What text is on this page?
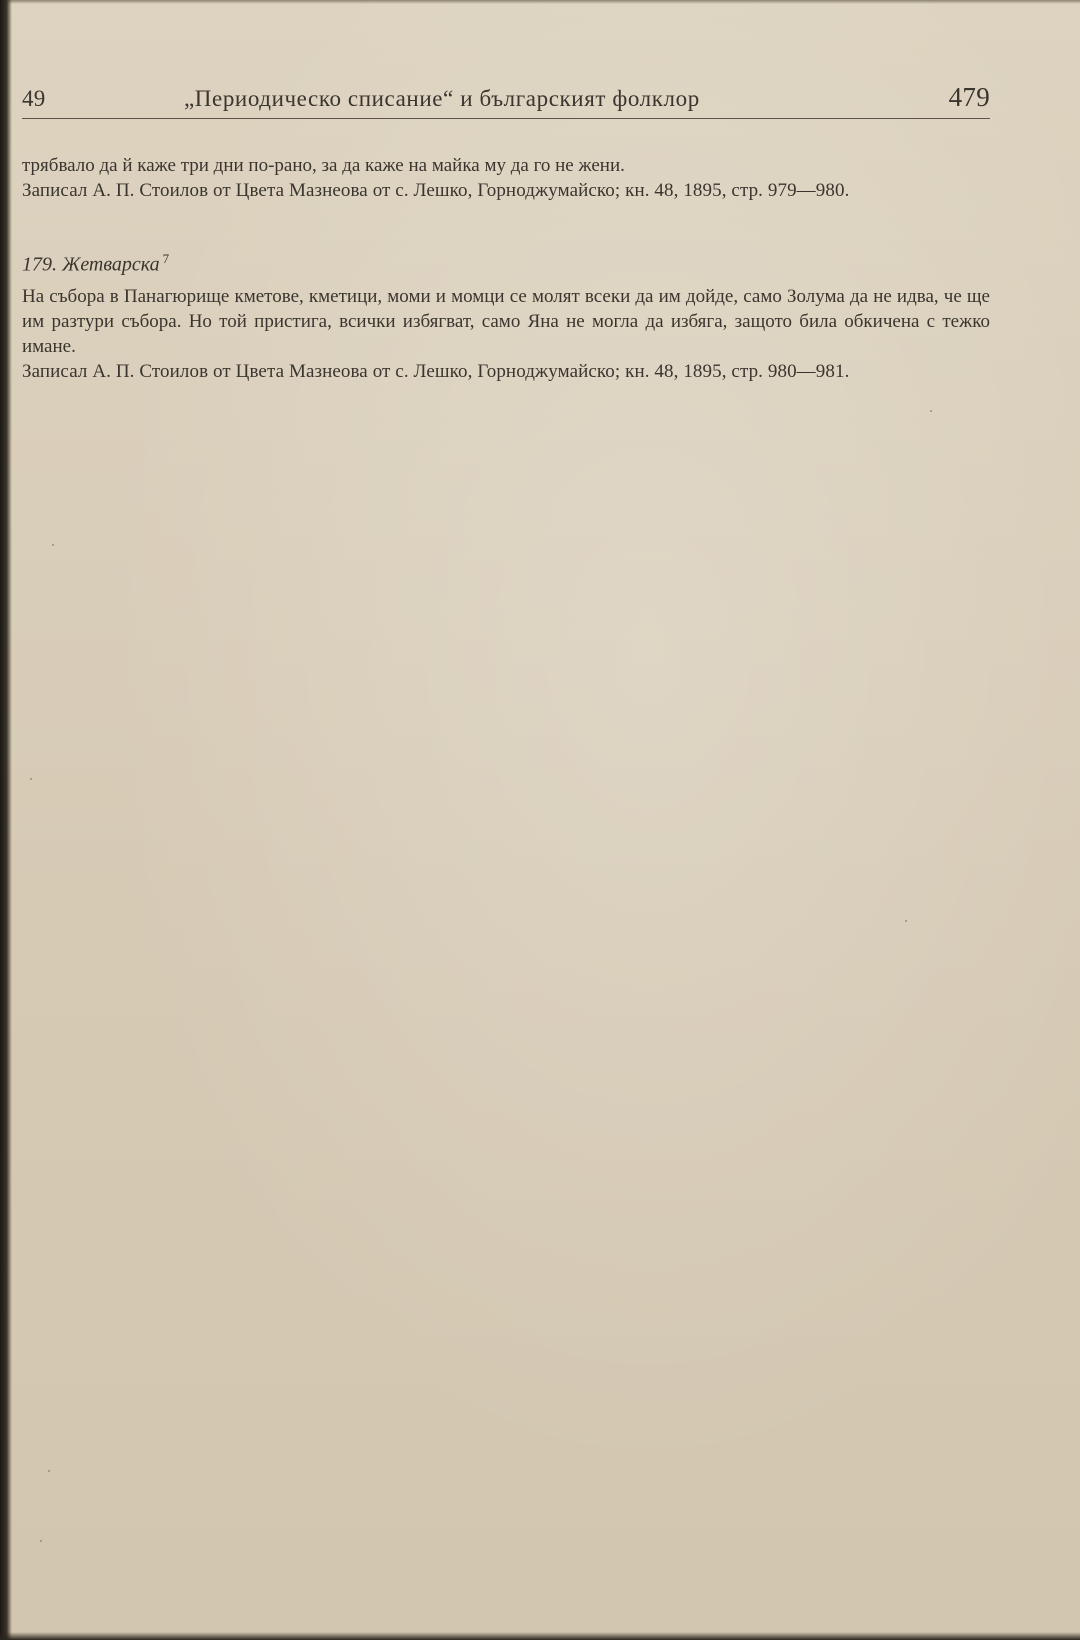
49	„Периодическо списание“ и българският фолклор	479

трябвало да й каже три дни по-рано, за да каже на майка му да го не жени.

Записал А. П. Стоилов от Цвета Мазнеова от с. Лешко, Горноджумайско; кн. 48, 1895, стр. 979—980.

179. Жетварска $^7$

На събора в Панагюрище кметове, кметици, моми и момци се молят всеки да им дойде, само Золума да не идва, че ще им разтури събора. Но той пристига, всички избягват, само Яна не могла да избяга, защото била обкичена с тежко имане.

Записал А. П. Стоилов от Цвета Мазнеова от с. Лешко, Горноджумайско; кн. 48, 1895, стр. 980—981.
